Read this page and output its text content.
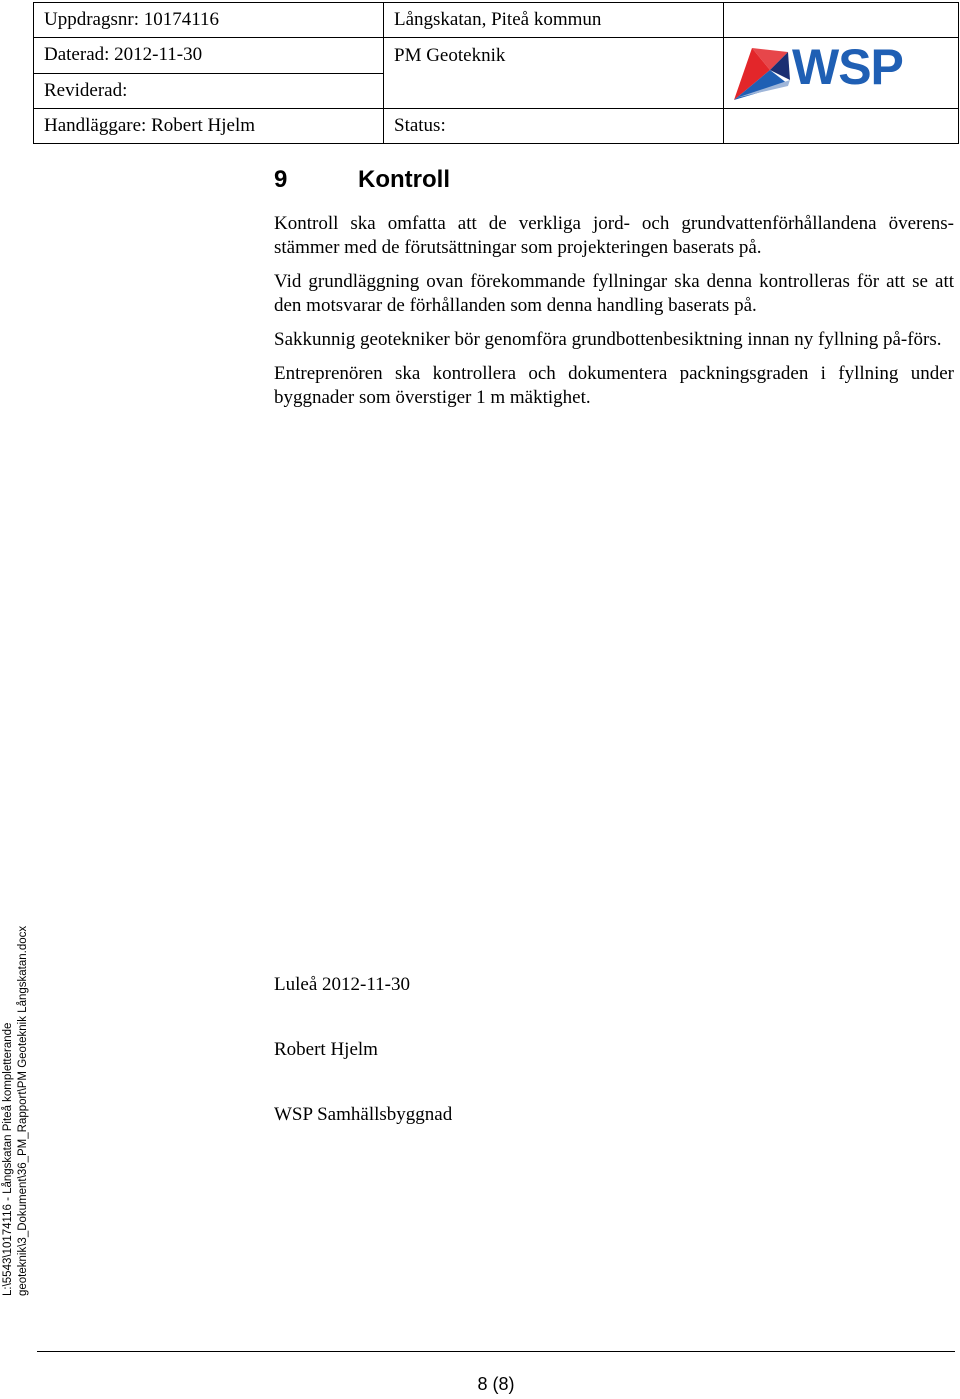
Uppdragsnr: 10174116	Långskatan, Piteå kommun	
Daterad: 2012-11-30	PM Geoteknik	WSP

Reviderad:		
Handläggare: Robert Hjelm	Status:	
9	Kontroll

Kontroll ska omfatta att de verkliga jord- och grundvattenförhållandena överens-stämmer med de förutsättningar som projekteringen baserats på.

Vid grundläggning ovan förekommande fyllningar ska denna kontrolleras för att se att den motsvarar de förhållanden som denna handling baserats på.

Sakkunnig geotekniker bör genomföra grundbottenbesiktning innan ny fyllning på-förs.

Entreprenören ska kontrollera och dokumentera packningsgraden i fyllning under byggnader som överstiger 1 m mäktighet.

Luleå 2012-11-30
Robert Hjelm
WSP Samhällsbyggnad
L:\5543\10174116 - Långskatan Piteå kompletterande geoteknik\3_Dokument\36_PM_Rapport\PM Geoteknik Långskatan.docx
8 (8)
